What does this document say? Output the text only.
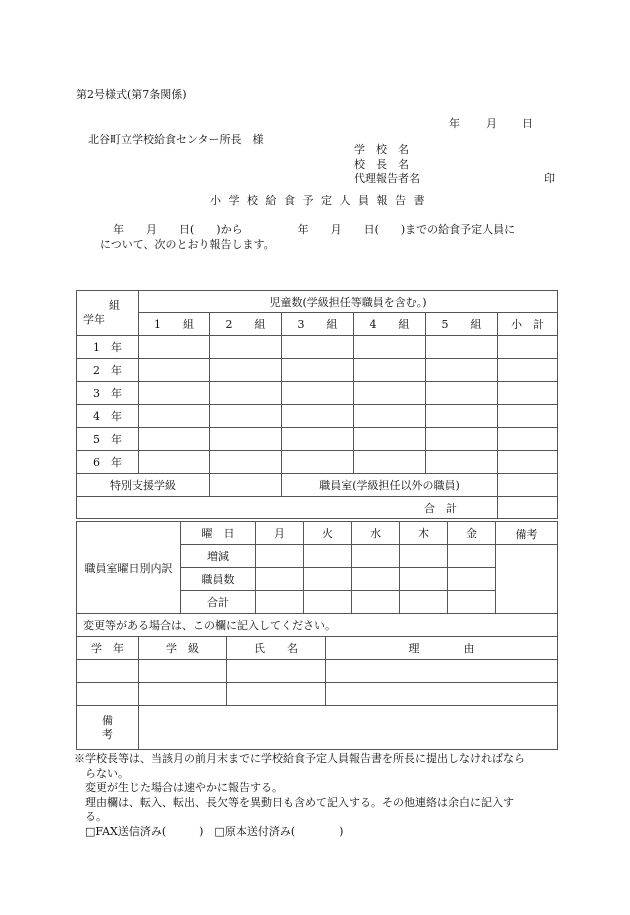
第2号様式(第7条関係)
年 月 日
北谷町立学校給食センター所長　様
学　校　名
校　長　名
代理報告者名	印
小 学 校 給 食 予 定 人 員 報 告 書
年　　月　　日(　　)から　　　　　年　　月　　日(　　)までの給食予定人員に
について、次のとおり報告します。
組
学年	児童数(学級担任等職員を含む。)					
	1　　組	2　　組	3　　組	4　　組	5　　組	小　計
1　年						
2　年						
3　年						
4　年						
5　年						
6　年						
特別支援学級			職員室(学級担任以外の職員)			
合　計						
職員室曜日別内訳	曜　日	月	火	水	木	金	備考
	増減						
	職員数						
	合計						
変更等がある場合は、この欄に記入してください。			
学　年	学　級	氏　　名	理　　　　由

備
考			

※学校長等は、当該月の前月末までに学校給食予定人員報告書を所長に提出しなければなら
　らない。
　変更が生じた場合は速やかに報告する。
　理由欄は、転入、転出、長欠等を異動日も含めて記入する。その他連絡は余白に記入す
　る。
　□FAX送信済み(　　　)　□原本送付済み(　　　　)
